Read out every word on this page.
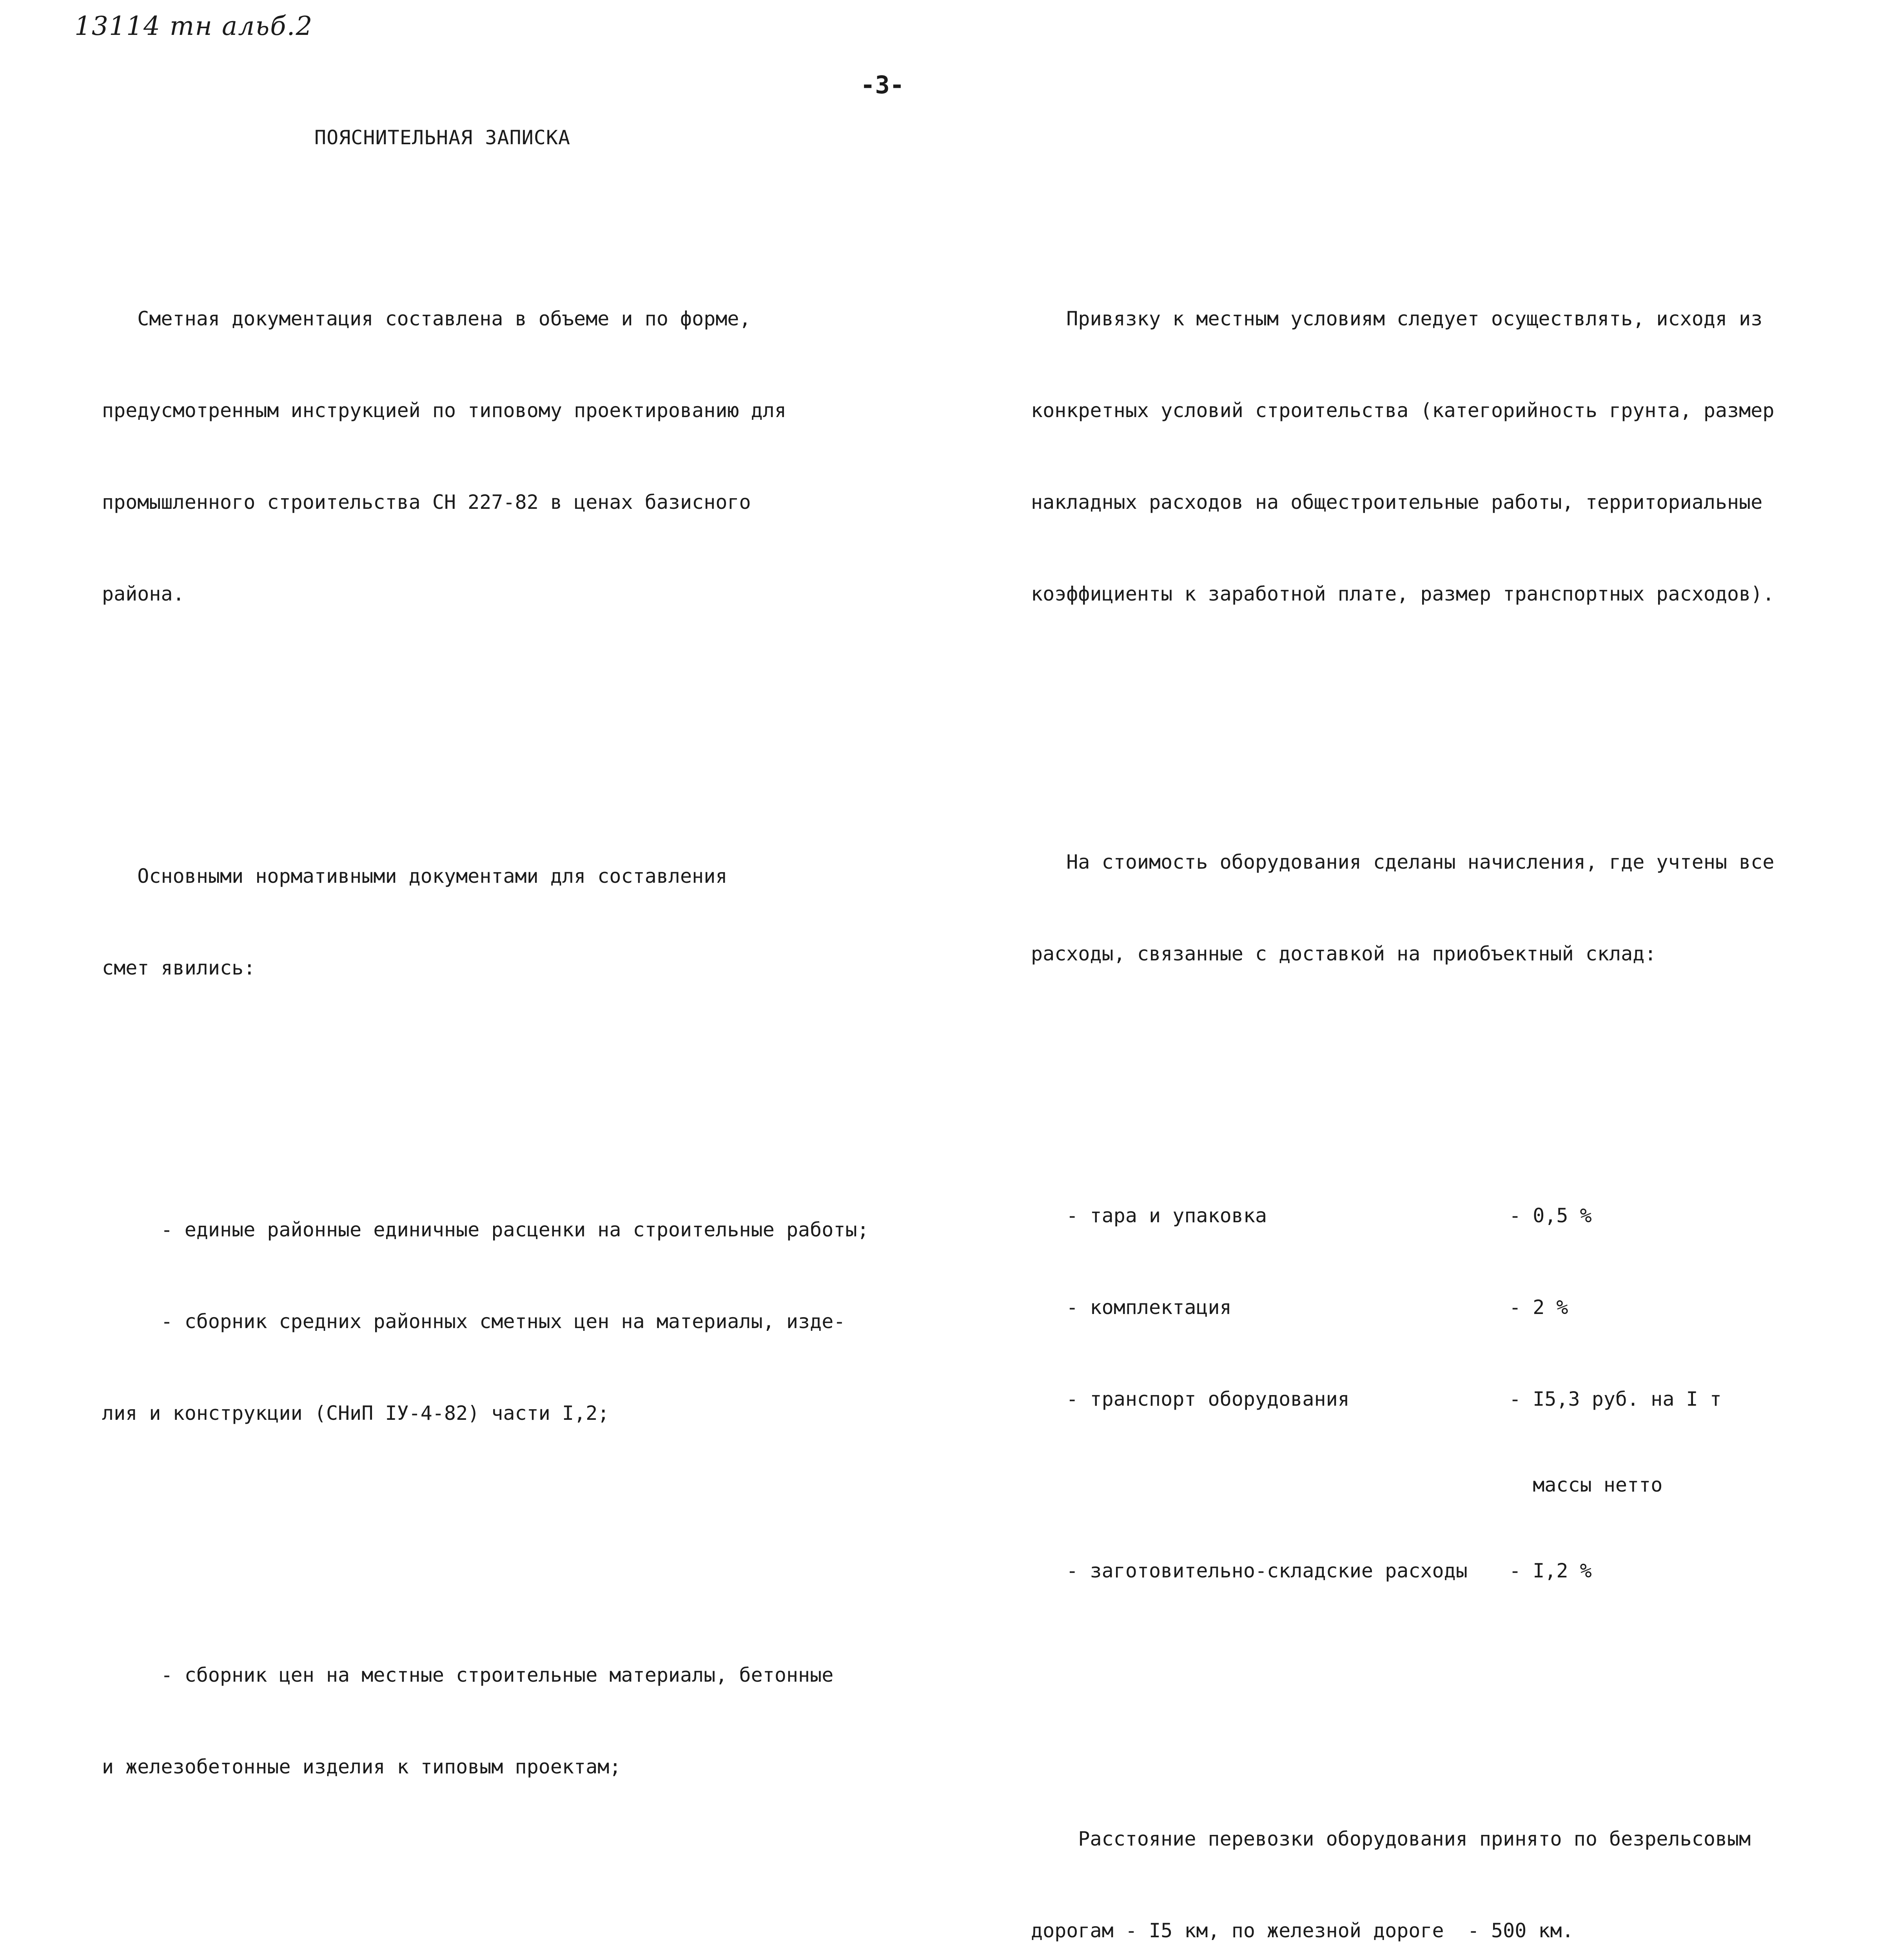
13114 тн альб.2
-3-
ПОЯСНИТЕЛЬНАЯ ЗАПИСКА

Сметная документация составлена в объеме и по форме,

предусмотренным инструкцией по типовому проектированию для

промышленного строительства СН 227-82 в ценах базисного

района.

Основными нормативными документами для составления

смет явились:

- единые районные единичные расценки на строительные работы;

- сборник средних районных сметных цен на материалы, изде-

лия и конструкции (СНиП IУ-4-82) части I,2;

- сборник цен на местные строительные материалы, бетонные

и железобетонные изделия к типовым проектам;

Привязку к местным условиям следует осуществлять, исходя из

конкретных условий строительства (категорийность грунта, размер

накладных расходов на общестроительные работы, территориальные

коэффициенты к заработной плате, размер транспортных расходов).

На стоимость оборудования сделаны начисления, где учтены все

расходы, связанные с доставкой на приобъектный склад:

- тара и упаковка	- 0,5 %

- комплектация	- 2 %

- транспорт оборудования	- I5,3 руб. на I т

массы нетто

- заготовительно-складские расходы	- I,2 %

Расстояние перевозки оборудования принято по безрельсовым

дорогам - I5 км, по железной дороге  - 500 км.
